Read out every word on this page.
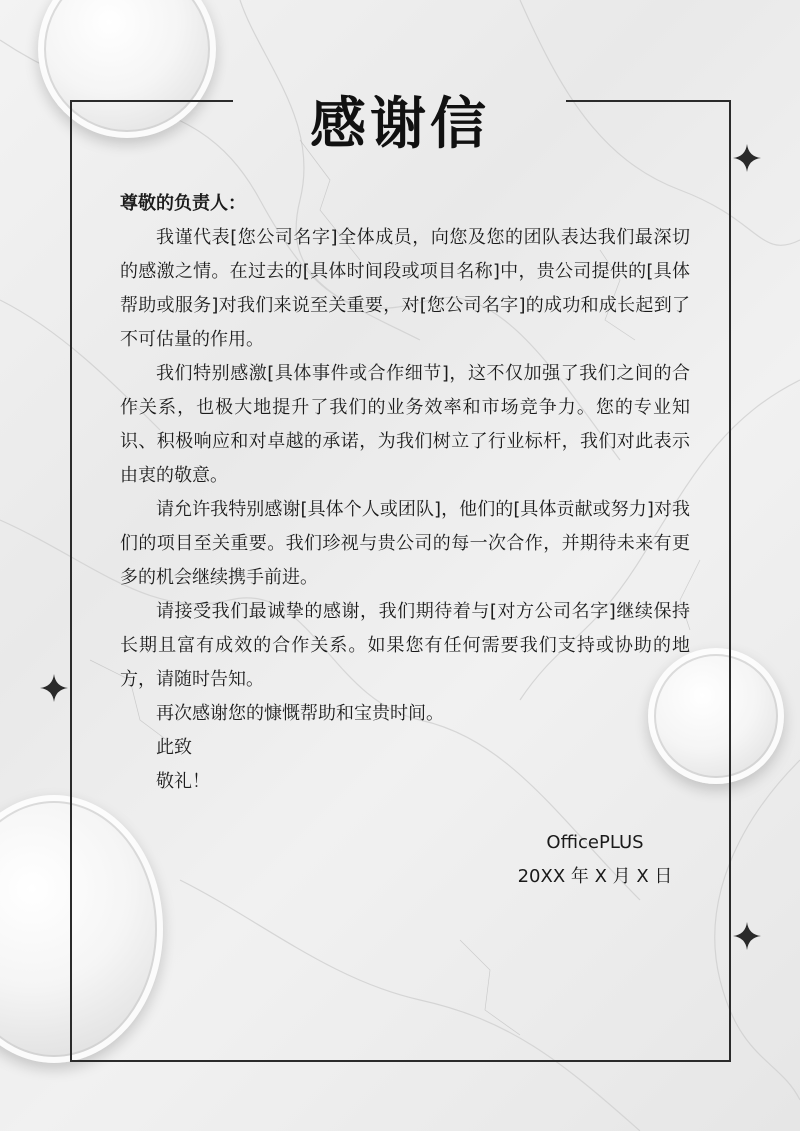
感谢信

尊敬的负责人：

我谨代表[您公司名字]全体成员，向您及您的团队表达我们最深切的感激之情。在过去的[具体时间段或项目名称]中，贵公司提供的[具体帮助或服务]对我们来说至关重要，对[您公司名字]的成功和成长起到了不可估量的作用。

我们特别感激[具体事件或合作细节]，这不仅加强了我们之间的合作关系，也极大地提升了我们的业务效率和市场竞争力。您的专业知识、积极响应和对卓越的承诺，为我们树立了行业标杆，我们对此表示由衷的敬意。

请允许我特别感谢[具体个人或团队]，他们的[具体贡献或努力]对我们的项目至关重要。我们珍视与贵公司的每一次合作，并期待未来有更多的机会继续携手前进。

请接受我们最诚挚的感谢，我们期待着与[对方公司名字]继续保持长期且富有成效的合作关系。如果您有任何需要我们支持或协助的地方，请随时告知。

再次感谢您的慷慨帮助和宝贵时间。

此致

敬礼！

OfficePLUS
20XX 年 X 月 X 日
